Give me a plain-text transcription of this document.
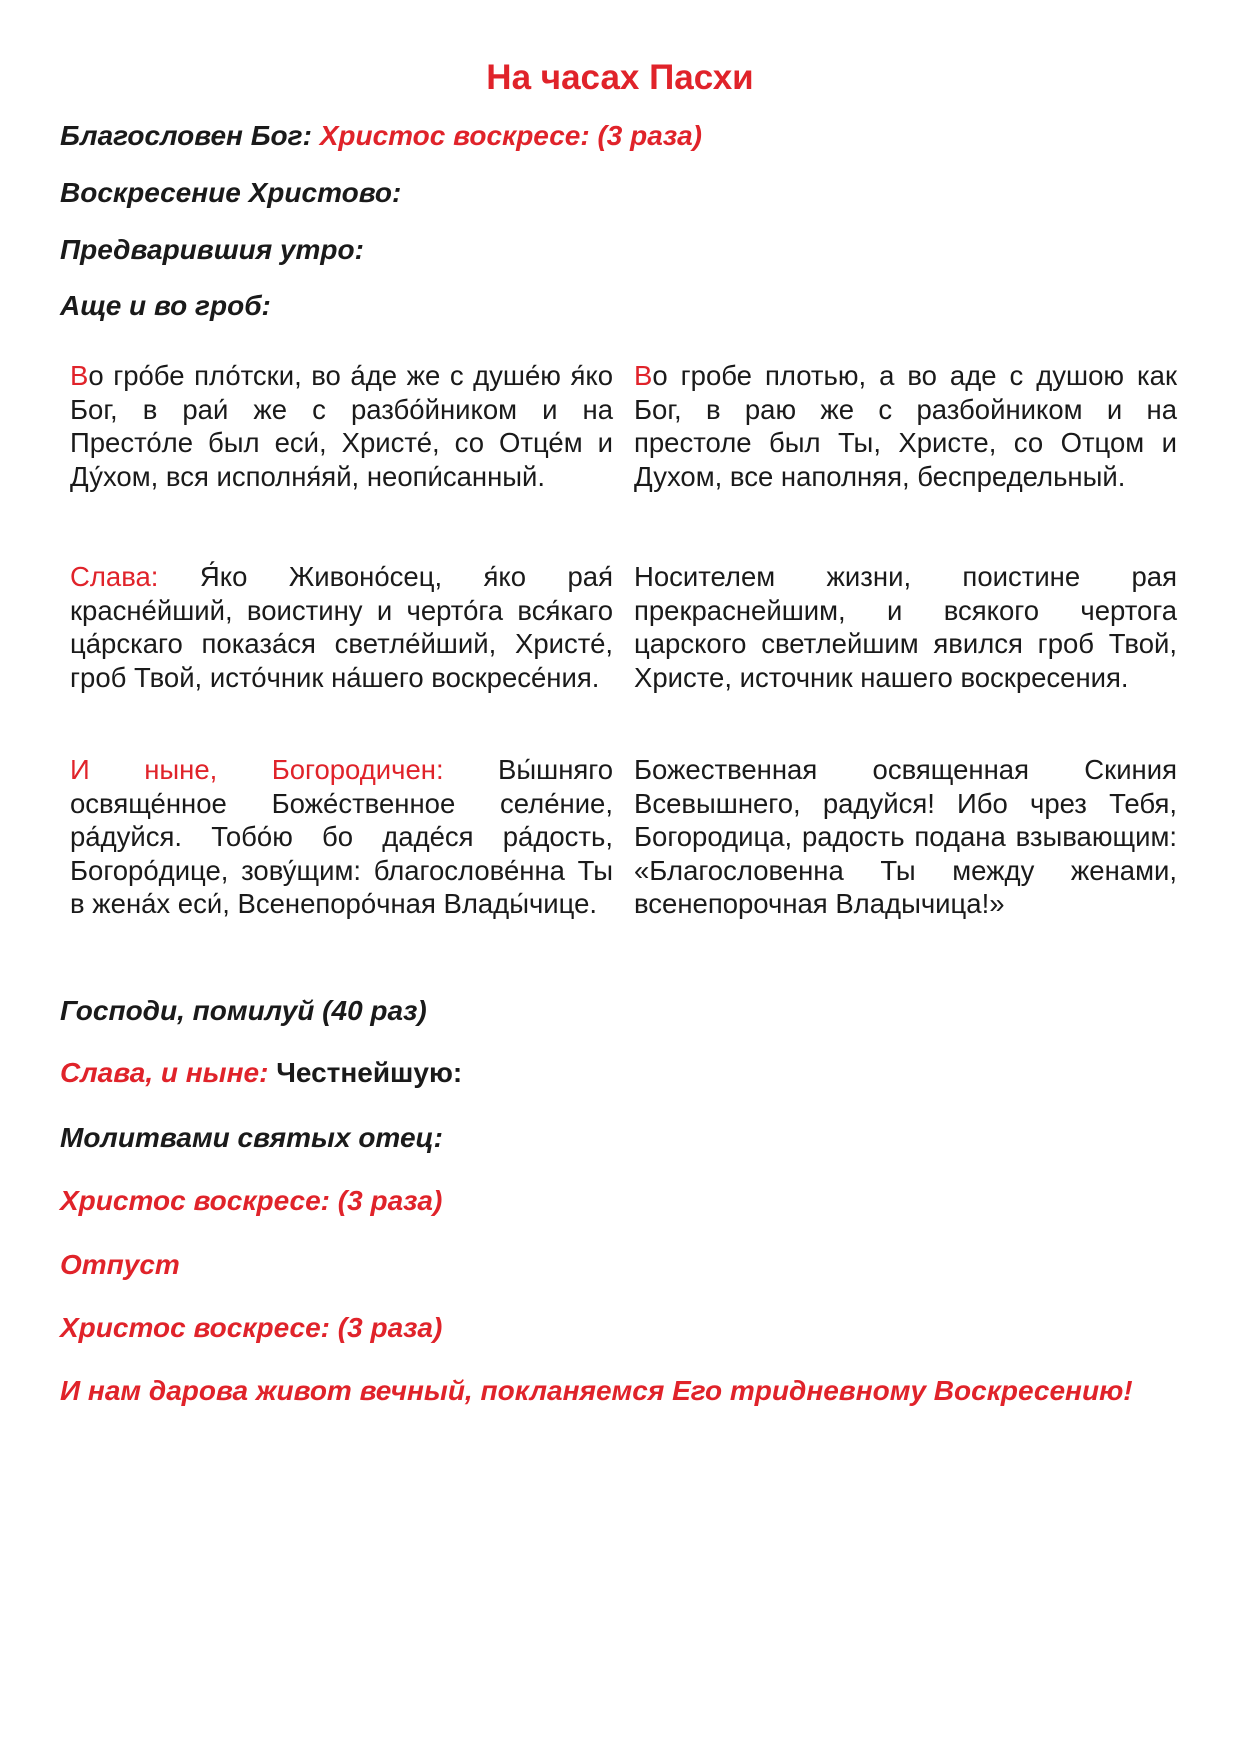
На часах Пасхи
Благословен Бог: Христос воскресе: (3 раза)
Воскресение Христово:
Предварившия утро:
Аще и во гроб:

Во гро́бе пло́тски, во а́де же с душе́ю я́ко Бог, в раи́ же с разбо́йником и на Престо́ле был еси́, Христе́, со Отце́м и Ду́хом, вся исполня́яй, неопи́санный.

Во гробе плотью, а во аде с душою как Бог, в раю же с разбойником и на престоле был Ты, Христе, со Отцом и Духом, все наполняя, беспредельный.

Слава: Я́ко Живоно́сец, я́ко рая́ красне́йший, воистину и черто́га вся́каго ца́рскаго показа́ся светле́йший, Христе́, гроб Твой, исто́чник на́шего воскресе́ния.

Носителем жизни, поистине рая прекраснейшим, и всякого чертога царского светлейшим явился гроб Твой, Христе, источник нашего воскресения.

И ныне, Богородичен: Вы́шняго освяще́нное Боже́ственное селе́ние, ра́дуйся. Тобо́ю бо даде́ся ра́дость, Богоро́дице, зову́щим: благослове́нна Ты в жена́х еси́, Всенепоро́чная Влады́чице.

Божественная освященная Скиния Всевышнего, радуйся! Ибо чрез Тебя, Богородица, радость подана взывающим: «Благословенна Ты между женами, всенепорочная Владычица!»

Господи, помилуй (40 раз)
Слава, и ныне: Честнейшую:
Молитвами святых отец:
Христос воскресе: (3 раза)
Отпуст
Христос воскресе: (3 раза)
И нам дарова живот вечный, покланяемся Его тридневному Воскресению!
